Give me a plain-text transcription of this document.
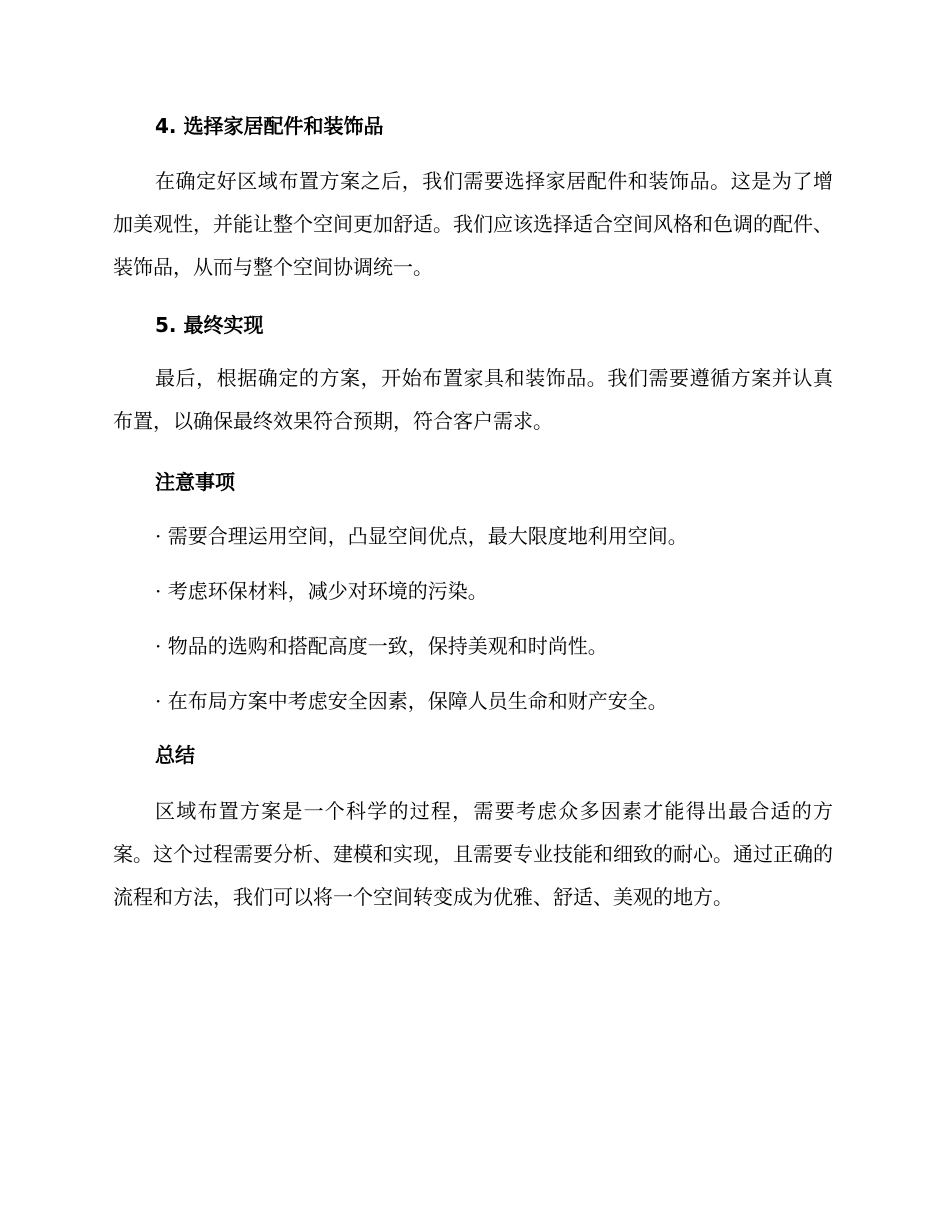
4. 选择家居配件和装饰品

在确定好区域布置方案之后，我们需要选择家居配件和装饰品。这是为了增加美观性，并能让整个空间更加舒适。我们应该选择适合空间风格和色调的配件、装饰品，从而与整个空间协调统一。

5. 最终实现

最后，根据确定的方案，开始布置家具和装饰品。我们需要遵循方案并认真布置，以确保最终效果符合预期，符合客户需求。

注意事项
· 需要合理运用空间，凸显空间优点，最大限度地利用空间。
· 考虑环保材料，减少对环境的污染。
· 物品的选购和搭配高度一致，保持美观和时尚性。
· 在布局方案中考虑安全因素，保障人员生命和财产安全。
总结

区域布置方案是一个科学的过程，需要考虑众多因素才能得出最合适的方案。这个过程需要分析、建模和实现，且需要专业技能和细致的耐心。通过正确的流程和方法，我们可以将一个空间转变成为优雅、舒适、美观的地方。
